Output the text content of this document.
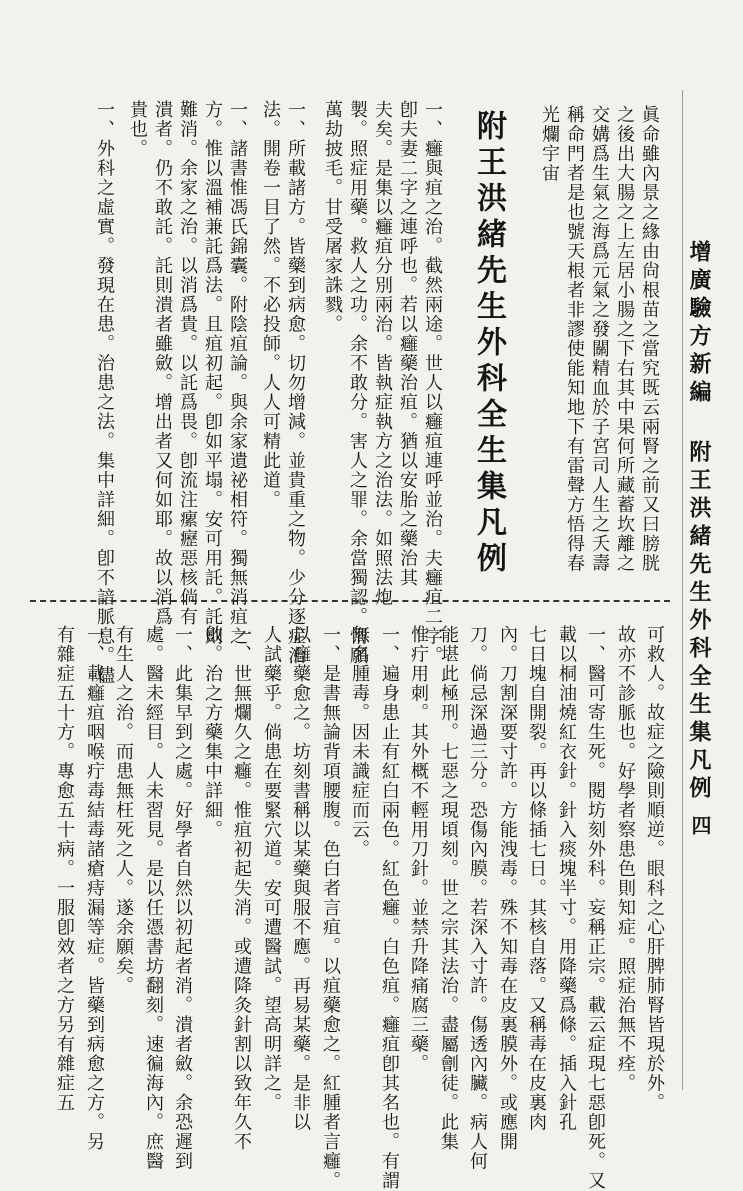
增廣驗方新編 附王洪緒先生外科全生集凡例
四
眞命雖內景之緣由尙根苗之當究既云兩腎之前又曰膀胱
之後出大腸之上左居小腸之下右其中果何所藏蓄坎離之
交媾爲生氣之海爲元氣之發關精血於子宮司人生之夭壽
稱命門者是也號天根者非謬使能知地下有雷聲方悟得春
光爛宇宙
一、癰與疽之治。截然兩途。世人以癰疽連呼並治。夫癰疽二字。
卽夫妻二字之連呼也。若以癰藥治疽。猶以安胎之藥治其
夫矣。是集以癰疽分別兩治。皆執症執方之治法。如照法炮
製。照症用藥。救人之功。余不敢分。害人之罪。余當獨認。惰願
萬劫披毛。甘受屠家誅戮。
一、所載諸方。皆藥到病愈。切勿增減。並貴重之物。少分逐症治
法。開卷一目了然。不必投師。人人可精此道。
一、諸書惟馮氏錦囊。附陰疽論。與余家遺祕相符。獨無消疽之
方。惟以溫補兼託爲法。且疽初起。卽如平塌。安可用託。託則
難消。余家之治。以消爲貴。以託爲畏。卽流注瘰癧惡核倘有
潰者。仍不敢託。託則潰者雖斂。增出者又何如耶。故以消爲
貴也。
一、外科之虛實。發現在患。治患之法。集中詳細。卽不諳脈息。儘	附王洪緒先生外科全生集凡例
可救人。故症之險則順逆。眼科之心肝脾肺腎皆現於外。
故亦不診脈也。好學者察患色則知症。照症治無不痊。
一、醫可寄生死。閱坊刻外科。妄稱正宗。載云症現七惡卽死。又
載以桐油燒紅衣針。針入痰塊半寸。用降藥爲條。插入針孔
七日塊自開裂。再以條插七日。其核自落。又稱毒在皮裏肉
內。刀割深要寸許。方能洩毒。殊不知毒在皮裏膜外。或應開
刀。倘忌深過三分。恐傷內膜。若深入寸許。傷透內臟。病人何
能堪此極刑。七惡之現頃刻。世之宗其法治。盡屬劊徒。此集
惟疔用刺。其外概不輕用刀針。並禁升降痛腐三藥。
一、遍身患止有紅白兩色。紅色癰。白色疽。癰疽卽其名也。有謂
無名腫毒。因未識症而云。
一、是書無論背項腰腹。色白者言疽。以疽藥愈之。紅腫者言癰。
以癰藥愈之。坊刻書稱以某藥與服不應。再易某藥。是非以
人試藥乎。倘患在要緊穴道。安可遭醫試。望高明詳之。
一、世無爛久之癰。惟疽初起失消。或遭降灸針割以致年久不
斂。治之方藥集中詳細。
一、此集早到之處。好學者自然以初起者消。潰者斂。余恐遲到
處。醫未經目。人未習見。是以任憑書坊翻刻。速徧海內。庶醫
有生人之治。而患無枉死之人。遂余願矣。
一、載癰疽咽喉疔毒結毒諸瘡痔漏等症。皆藥到病愈之方。另
有雜症五十方。專愈五十病。一服卽效者之方另有雜症五
